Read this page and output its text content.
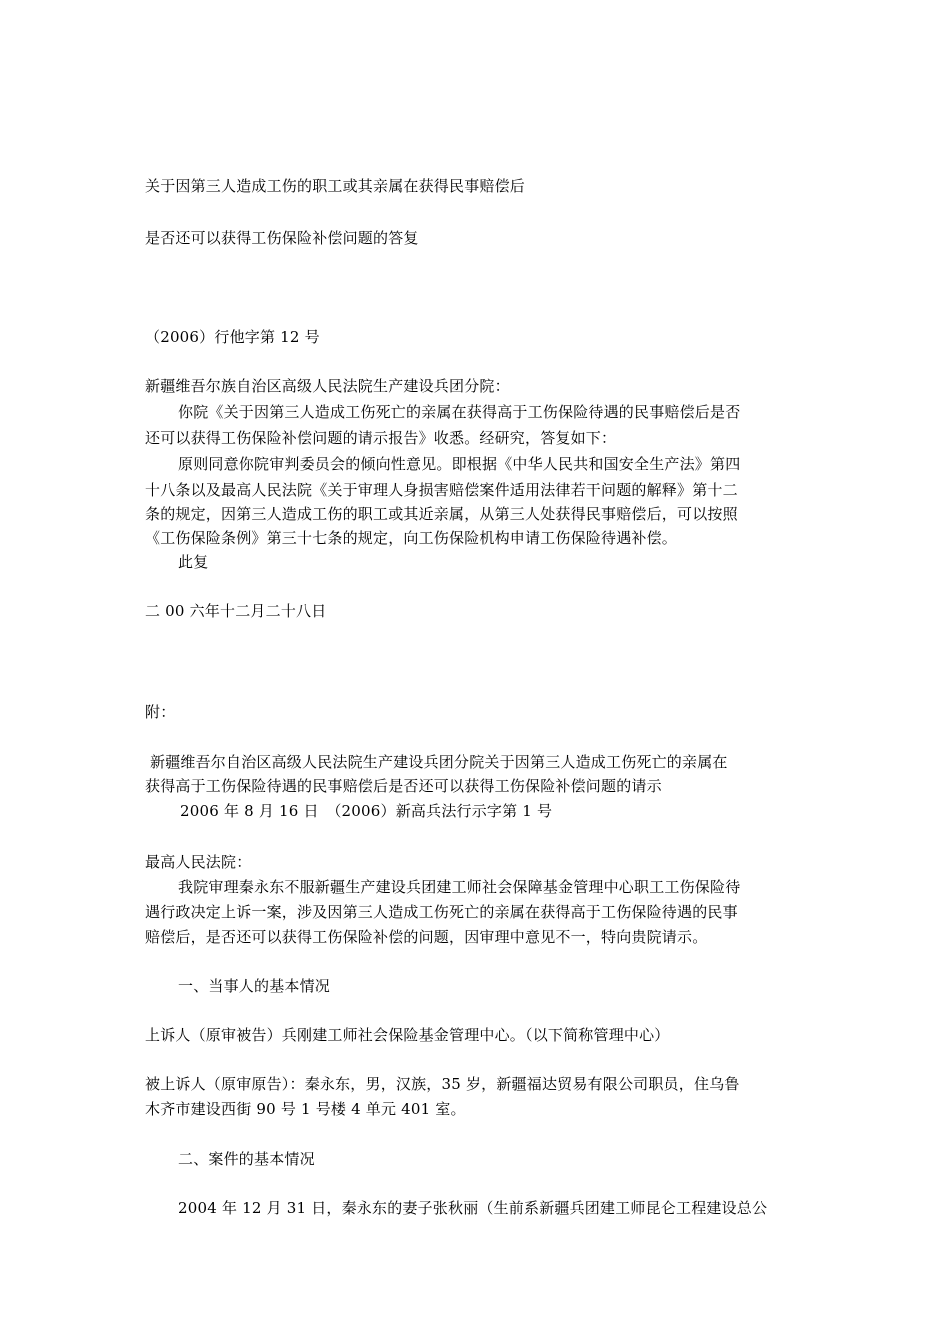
关于因第三人造成工伤的职工或其亲属在获得民事赔偿后
是否还可以获得工伤保险补偿问题的答复
（2006）行他字第 12 号
新疆维吾尔族自治区高级人民法院生产建设兵团分院：
你院《关于因第三人造成工伤死亡的亲属在获得高于工伤保险待遇的民事赔偿后是否
还可以获得工伤保险补偿问题的请示报告》收悉。经研究，答复如下：
原则同意你院审判委员会的倾向性意见。即根据《中华人民共和国安全生产法》第四
十八条以及最高人民法院《关于审理人身损害赔偿案件适用法律若干问题的解释》第十二
条的规定，因第三人造成工伤的职工或其近亲属，从第三人处获得民事赔偿后，可以按照
《工伤保险条例》第三十七条的规定，向工伤保险机构申请工伤保险待遇补偿。
此复
二 00 六年十二月二十八日
附：
新疆维吾尔自治区高级人民法院生产建设兵团分院关于因第三人造成工伤死亡的亲属在
获得高于工伤保险待遇的民事赔偿后是否还可以获得工伤保险补偿问题的请示
2006 年 8 月 16 日　（2006）新高兵法行示字第 1 号
最高人民法院：
我院审理秦永东不服新疆生产建设兵团建工师社会保障基金管理中心职工工伤保险待
遇行政决定上诉一案，涉及因第三人造成工伤死亡的亲属在获得高于工伤保险待遇的民事
赔偿后，是否还可以获得工伤保险补偿的问题，因审理中意见不一，特向贵院请示。
一、当事人的基本情况
上诉人（原审被告）兵刚建工师社会保险基金管理中心。（以下简称管理中心）
被上诉人（原审原告）：秦永东，男，汉族，35 岁，新疆福达贸易有限公司职员，住乌鲁
木齐市建设西街 90 号 1 号楼 4 单元 401 室。
二、案件的基本情况
2004 年 12 月 31 日，秦永东的妻子张秋丽（生前系新疆兵团建工师昆仑工程建设总公
